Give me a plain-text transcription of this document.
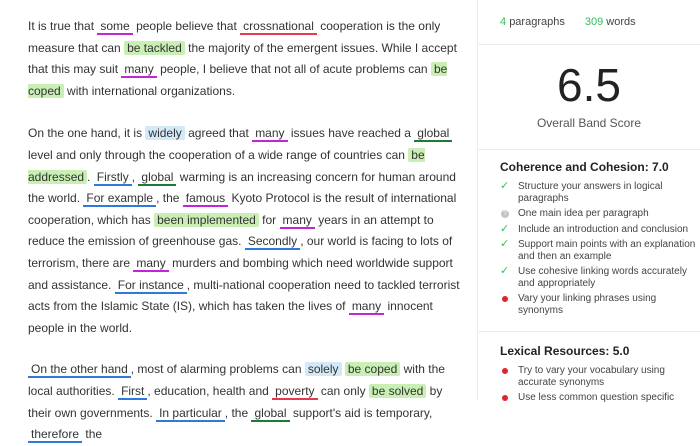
It is true that some people believe that crossnational cooperation is the only measure that can be tackled the majority of the emergent issues. While I accept that this may suit many people, I believe that not all of acute problems can be coped with international organizations.

On the one hand, it is widely agreed that many issues have reached a global level and only through the cooperation of a wide range of countries can be addressed . Firstly , global warming is an increasing concern for human around the world. For example , the famous Kyoto Protocol is the result of international cooperation, which has been implemented for many years in an attempt to reduce the emission of greenhouse gas. Secondly , our world is facing to lots of terrorism, there are many murders and bombing which need worldwide support and assistance. For instance , multi-national cooperation need to tackled terrorist acts from the Islamic State (IS), which has taken the lives of many innocent people in the world.

On the other hand , most of alarming problems can solely be coped with the local authorities. First , education, health and poverty can only be solved by their own governments. In particular , the global support's aid is temporary, therefore the

4 paragraphs 309 words
6.5
Overall Band Score
Coherence and Cohesion: 7.0
✓ Structure your answers in logical paragraphs
? One main idea per paragraph
✓ Include an introduction and conclusion
✓ Support main points with an explanation and then an example
✓ Use cohesive linking words accurately and appropriately
Vary your linking phrases using synonyms
Lexical Resources: 5.0
Try to vary your vocabulary using accurate synonyms
Use less common question specific
